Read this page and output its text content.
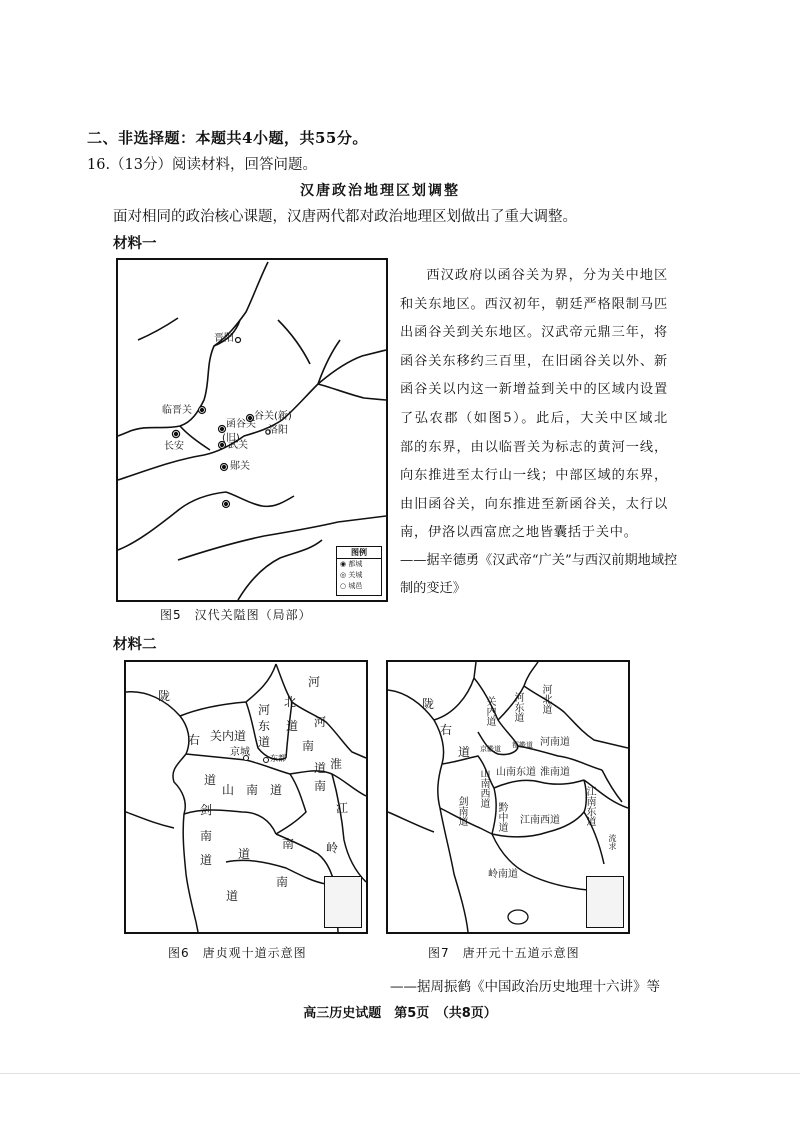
二、非选择题：本题共4小题，共55分。
16.（13分）阅读材料，回答问题。
汉唐政治地理区划调整
面对相同的政治核心课题，汉唐两代都对政治地理区划做出了重大调整。
材料一
晋阳
临晋关
谷关(新)
函谷关
(旧)
长安	武关
洛阳
郧关
图例
◉ 都城
◎ 关城
○ 城邑
西汉政府以函谷关为界，分为关中地区和关东地区。西汉初年，朝廷严格限制马匹出函谷关到关东地区。汉武帝元鼎三年，将函谷关东移约三百里，在旧函谷关以外、新函谷关以内这一新增益到关中的区域内设置了弘农郡（如图5）。此后，大关中区域北部的东界，由以临晋关为标志的黄河一线，向东推进至太行山一线；中部区域的东界，由旧函谷关，向东推进至新函谷关，太行以南，伊洛以西富庶之地皆囊括于关中。
——据辛德勇《汉武帝“广关”与西汉前期地域控制的变迁》
图5　汉代关隘图（局部）
材料二
陇
右 关内道
京城
东都
河
北
道
河
东
道
河
南
道
道
山　南　道
淮
南
江
剑
南
道 道
南	岭
道
南
陇
右
道
关内道 河东道 河北道
京畿道 都畿道 河南道
山南西道 山南东道 淮南道
剑南道	黔中道 江南西道 江南东道
岭南道
流求
图6　唐贞观十道示意图	图7　唐开元十五道示意图
——据周振鹤《中国政治历史地理十六讲》等
高三历史试题　第5页　（共8页）
